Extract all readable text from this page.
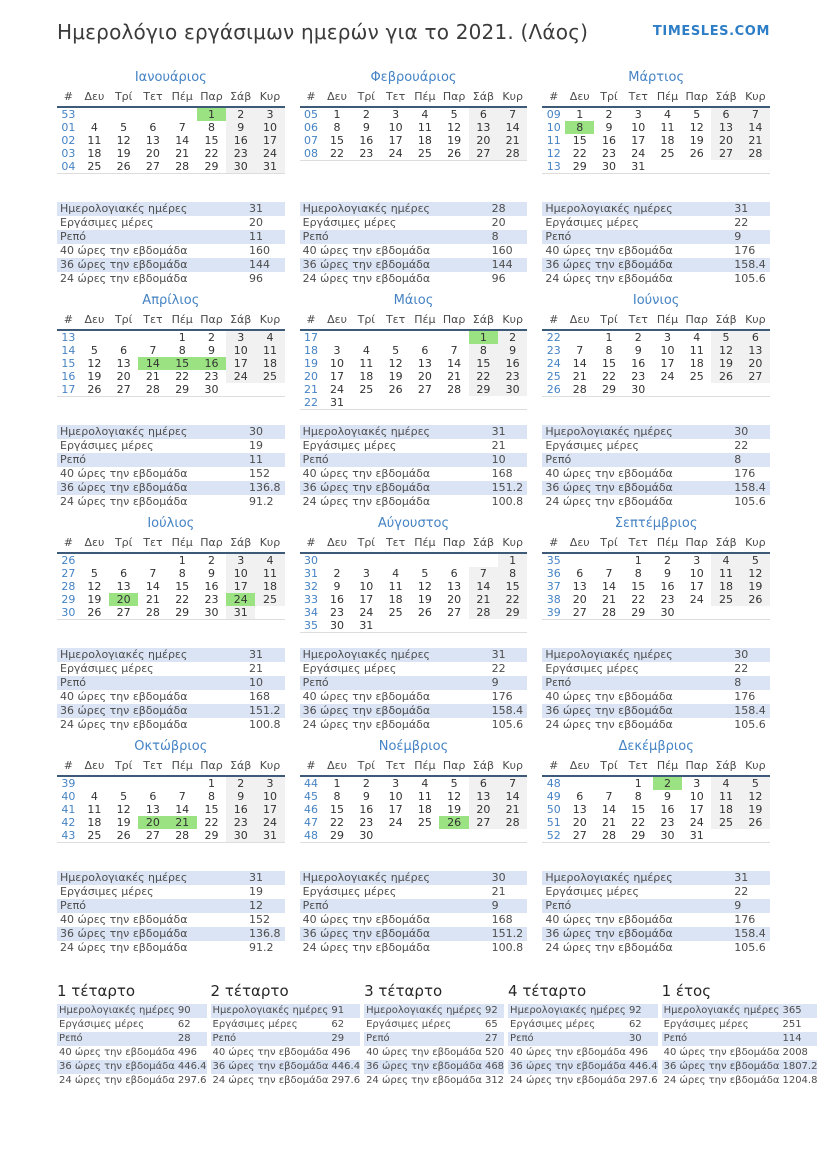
Ημερολόγιο εργάσιμων ημερών για το 2021. (Λάος)	TIMESLES.COM
Ιανουάριος
#	Δευ	Τρί	Τετ	Πέμ	Παρ	Σάβ	Κυρ
53					1	2	3
01	4	5	6	7	8	9	10
02	11	12	13	14	15	16	17
03	18	19	20	21	22	23	24
04	25	26	27	28	29	30	31
Ημερολογιακές ημέρες	31
Εργάσιμες μέρες	20
Ρεπό	11
40 ώρες την εβδομάδα	160
36 ώρες την εβδομάδα	144
24 ώρες την εβδομάδα	96
Φεβρουάριος
#	Δευ	Τρί	Τετ	Πέμ	Παρ	Σάβ	Κυρ
05	1	2	3	4	5	6	7
06	8	9	10	11	12	13	14
07	15	16	17	18	19	20	21
08	22	23	24	25	26	27	28
Ημερολογιακές ημέρες	28
Εργάσιμες μέρες	20
Ρεπό	8
40 ώρες την εβδομάδα	160
36 ώρες την εβδομάδα	144
24 ώρες την εβδομάδα	96
Μάρτιος
#	Δευ	Τρί	Τετ	Πέμ	Παρ	Σάβ	Κυρ
09	1	2	3	4	5	6	7
10	8	9	10	11	12	13	14
11	15	16	17	18	19	20	21
12	22	23	24	25	26	27	28
13	29	30	31				
Ημερολογιακές ημέρες	31
Εργάσιμες μέρες	22
Ρεπό	9
40 ώρες την εβδομάδα	176
36 ώρες την εβδομάδα	158.4
24 ώρες την εβδομάδα	105.6
Απρίλιος
#	Δευ	Τρί	Τετ	Πέμ	Παρ	Σάβ	Κυρ
13				1	2	3	4
14	5	6	7	8	9	10	11
15	12	13	14	15	16	17	18
16	19	20	21	22	23	24	25
17	26	27	28	29	30		
Ημερολογιακές ημέρες	30
Εργάσιμες μέρες	19
Ρεπό	11
40 ώρες την εβδομάδα	152
36 ώρες την εβδομάδα	136.8
24 ώρες την εβδομάδα	91.2
Μάιος
#	Δευ	Τρί	Τετ	Πέμ	Παρ	Σάβ	Κυρ
17						1	2
18	3	4	5	6	7	8	9
19	10	11	12	13	14	15	16
20	17	18	19	20	21	22	23
21	24	25	26	27	28	29	30
22	31						
Ημερολογιακές ημέρες	31
Εργάσιμες μέρες	21
Ρεπό	10
40 ώρες την εβδομάδα	168
36 ώρες την εβδομάδα	151.2
24 ώρες την εβδομάδα	100.8
Ιούνιος
#	Δευ	Τρί	Τετ	Πέμ	Παρ	Σάβ	Κυρ
22		1	2	3	4	5	6
23	7	8	9	10	11	12	13
24	14	15	16	17	18	19	20
25	21	22	23	24	25	26	27
26	28	29	30				
Ημερολογιακές ημέρες	30
Εργάσιμες μέρες	22
Ρεπό	8
40 ώρες την εβδομάδα	176
36 ώρες την εβδομάδα	158.4
24 ώρες την εβδομάδα	105.6
Ιούλιος
#	Δευ	Τρί	Τετ	Πέμ	Παρ	Σάβ	Κυρ
26				1	2	3	4
27	5	6	7	8	9	10	11
28	12	13	14	15	16	17	18
29	19	20	21	22	23	24	25
30	26	27	28	29	30	31	
Ημερολογιακές ημέρες	31
Εργάσιμες μέρες	21
Ρεπό	10
40 ώρες την εβδομάδα	168
36 ώρες την εβδομάδα	151.2
24 ώρες την εβδομάδα	100.8
Αύγουστος
#	Δευ	Τρί	Τετ	Πέμ	Παρ	Σάβ	Κυρ
30							1
31	2	3	4	5	6	7	8
32	9	10	11	12	13	14	15
33	16	17	18	19	20	21	22
34	23	24	25	26	27	28	29
35	30	31					
Ημερολογιακές ημέρες	31
Εργάσιμες μέρες	22
Ρεπό	9
40 ώρες την εβδομάδα	176
36 ώρες την εβδομάδα	158.4
24 ώρες την εβδομάδα	105.6
Σεπτέμβριος
#	Δευ	Τρί	Τετ	Πέμ	Παρ	Σάβ	Κυρ
35			1	2	3	4	5
36	6	7	8	9	10	11	12
37	13	14	15	16	17	18	19
38	20	21	22	23	24	25	26
39	27	28	29	30			
Ημερολογιακές ημέρες	30
Εργάσιμες μέρες	22
Ρεπό	8
40 ώρες την εβδομάδα	176
36 ώρες την εβδομάδα	158.4
24 ώρες την εβδομάδα	105.6
Οκτώβριος
#	Δευ	Τρί	Τετ	Πέμ	Παρ	Σάβ	Κυρ
39					1	2	3
40	4	5	6	7	8	9	10
41	11	12	13	14	15	16	17
42	18	19	20	21	22	23	24
43	25	26	27	28	29	30	31
Ημερολογιακές ημέρες	31
Εργάσιμες μέρες	19
Ρεπό	12
40 ώρες την εβδομάδα	152
36 ώρες την εβδομάδα	136.8
24 ώρες την εβδομάδα	91.2
Νοέμβριος
#	Δευ	Τρί	Τετ	Πέμ	Παρ	Σάβ	Κυρ
44	1	2	3	4	5	6	7
45	8	9	10	11	12	13	14
46	15	16	17	18	19	20	21
47	22	23	24	25	26	27	28
48	29	30					
Ημερολογιακές ημέρες	30
Εργάσιμες μέρες	21
Ρεπό	9
40 ώρες την εβδομάδα	168
36 ώρες την εβδομάδα	151.2
24 ώρες την εβδομάδα	100.8
Δεκέμβριος
#	Δευ	Τρί	Τετ	Πέμ	Παρ	Σάβ	Κυρ
48			1	2	3	4	5
49	6	7	8	9	10	11	12
50	13	14	15	16	17	18	19
51	20	21	22	23	24	25	26
52	27	28	29	30	31		
Ημερολογιακές ημέρες	31
Εργάσιμες μέρες	22
Ρεπό	9
40 ώρες την εβδομάδα	176
36 ώρες την εβδομάδα	158.4
24 ώρες την εβδομάδα	105.6
1 τέταρτο
Ημερολογιακές ημέρες	90
Εργάσιμες μέρες	62
Ρεπό	28
40 ώρες την εβδομάδα	496
36 ώρες την εβδομάδα	446.4
24 ώρες την εβδομάδα	297.6
2 τέταρτο
Ημερολογιακές ημέρες	91
Εργάσιμες μέρες	62
Ρεπό	29
40 ώρες την εβδομάδα	496
36 ώρες την εβδομάδα	446.4
24 ώρες την εβδομάδα	297.6
3 τέταρτο
Ημερολογιακές ημέρες	92
Εργάσιμες μέρες	65
Ρεπό	27
40 ώρες την εβδομάδα	520
36 ώρες την εβδομάδα	468
24 ώρες την εβδομάδα	312
4 τέταρτο
Ημερολογιακές ημέρες	92
Εργάσιμες μέρες	62
Ρεπό	30
40 ώρες την εβδομάδα	496
36 ώρες την εβδομάδα	446.4
24 ώρες την εβδομάδα	297.6
1 έτος
Ημερολογιακές ημέρες	365
Εργάσιμες μέρες	251
Ρεπό	114
40 ώρες την εβδομάδα	2008
36 ώρες την εβδομάδα	1807.2
24 ώρες την εβδομάδα	1204.8
